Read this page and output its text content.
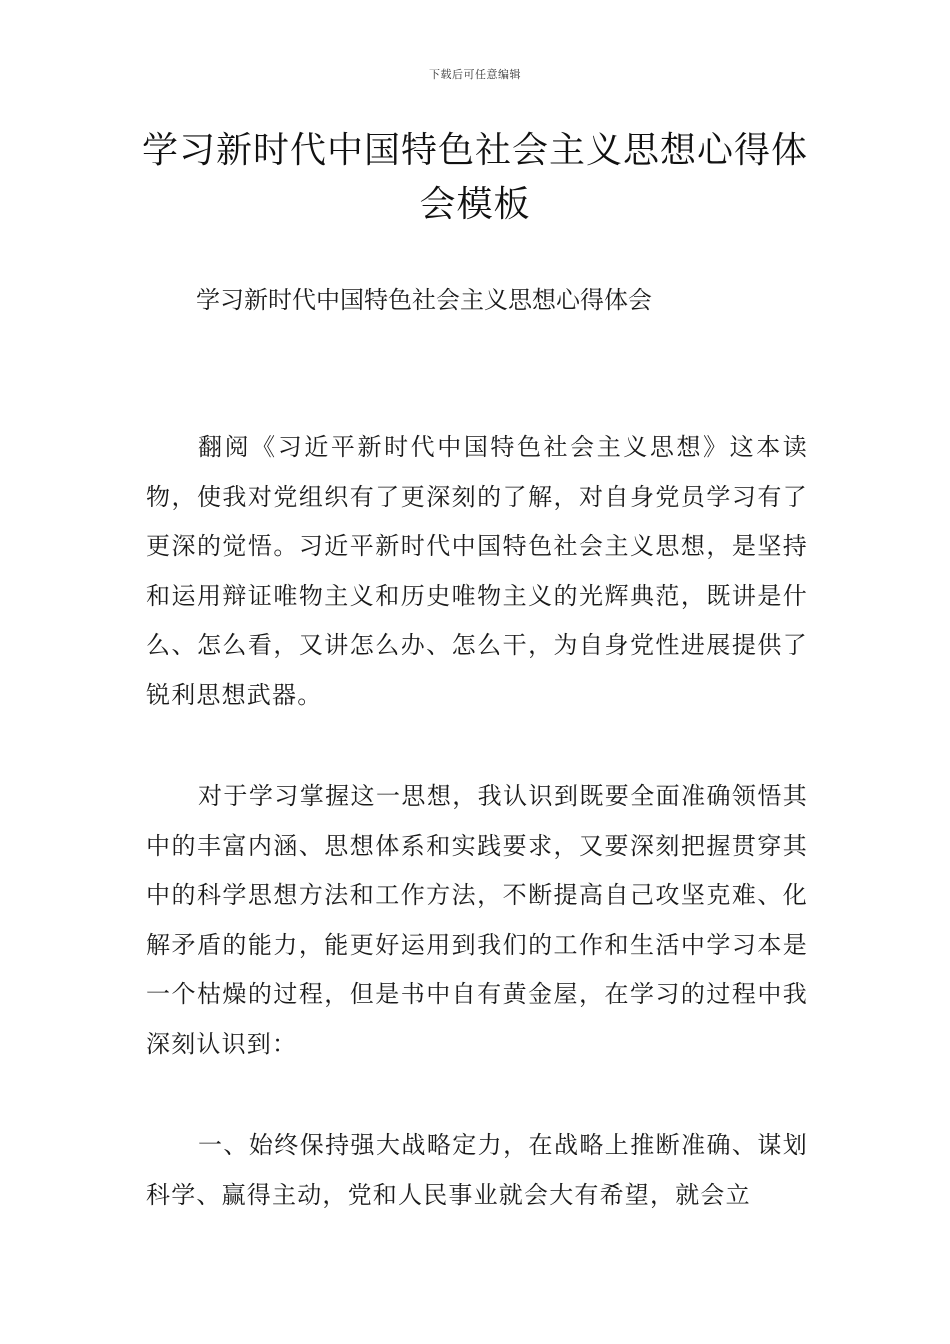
下载后可任意编辑
学习新时代中国特色社会主义思想心得体会模板

学习新时代中国特色社会主义思想心得体会

翻阅《习近平新时代中国特色社会主义思想》这本读物，使我对党组织有了更深刻的了解，对自身党员学习有了更深的觉悟。习近平新时代中国特色社会主义思想，是坚持和运用辩证唯物主义和历史唯物主义的光辉典范，既讲是什么、怎么看，又讲怎么办、怎么干，为自身党性进展提供了锐利思想武器。

对于学习掌握这一思想，我认识到既要全面准确领悟其中的丰富内涵、思想体系和实践要求，又要深刻把握贯穿其中的科学思想方法和工作方法，不断提高自己攻坚克难、化解矛盾的能力，能更好运用到我们的工作和生活中学习本是一个枯燥的过程，但是书中自有黄金屋，在学习的过程中我深刻认识到：

一、始终保持强大战略定力，在战略上推断准确、谋划科学、赢得主动，党和人民事业就会大有希望，就会立
